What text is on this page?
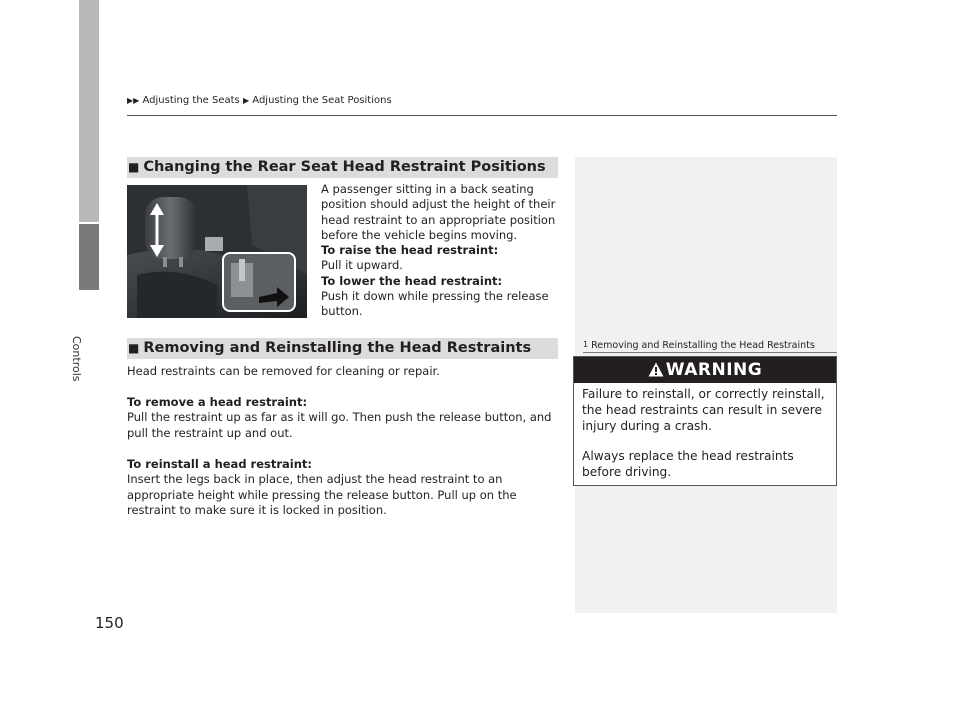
Controls
▶▶ Adjusting the Seats ▶ Adjusting the Seat Positions
■ Changing the Rear Seat Head Restraint Positions
A passenger sitting in a back seating position should adjust the height of their head restraint to an appropriate position before the vehicle begins moving.
To raise the head restraint:
Pull it upward.
To lower the head restraint:
Push it down while pressing the release button.
■ Removing and Reinstalling the Head Restraints
Head restraints can be removed for cleaning or repair.
To remove a head restraint:
Pull the restraint up as far as it will go. Then push the release button, and pull the restraint up and out.
To reinstall a head restraint:
Insert the legs back in place, then adjust the head restraint to an appropriate height while pressing the release button. Pull up on the restraint to make sure it is locked in position.
1 Removing and Reinstalling the Head Restraints
WARNING

Failure to reinstall, or correctly reinstall, the head restraints can result in severe injury during a crash.

Always replace the head restraints before driving.

150
